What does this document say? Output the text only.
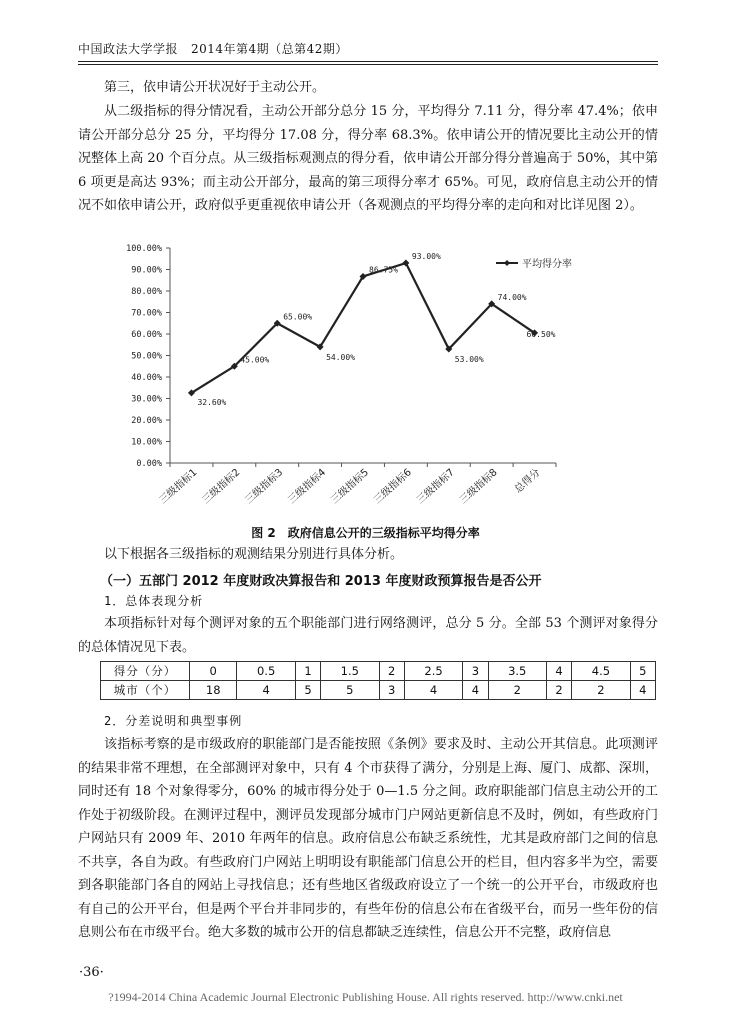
中国政法大学学报 2014年第4期（总第42期）

第三，依申请公开状况好于主动公开。

从二级指标的得分情况看，主动公开部分总分 15 分，平均得分 7.11 分，得分率 47.4%；依申请公开部分总分 25 分，平均得分 17.08 分，得分率 68.3%。依申请公开的情况要比主动公开的情况整体上高 20 个百分点。从三级指标观测点的得分看，依申请公开部分得分普遍高于 50%，其中第 6 项更是高达 93%；而主动公开部分，最高的第三项得分率才 65%。可见，政府信息主动公开的情况不如依申请公开，政府似乎更重视依申请公开（各观测点的平均得分率的走向和对比详见图 2）。

0.00%
10.00%
20.00%
30.00%
40.00%
50.00%
60.00%
70.00%
80.00%
90.00%
100.00%
三级指标1 三级指标2 三级指标3 三级指标4 三级指标5 三级指标6 三级指标7 三级指标8 总得分
32.60%
45.00%
65.00%
54.00%
86.75%
93.00%
53.00%
74.00%
60.50%
平均得分率
图 2　政府信息公开的三级指标平均得分率

以下根据各三级指标的观测结果分别进行具体分析。

（一）五部门 2012 年度财政决算报告和 2013 年度财政预算报告是否公开
1．总体表现分析

本项指标针对每个测评对象的五个职能部门进行网络测评，总分 5 分。全部 53 个测评对象得分的总体情况见下表。

得分（分）	0	0.5	1	1.5	2	2.5	3	3.5	4	4.5	5
城市（个）	18	4	5	5	3	4	4	2	2	2	4
2．分差说明和典型事例

该指标考察的是市级政府的职能部门是否能按照《条例》要求及时、主动公开其信息。此项测评的结果非常不理想，在全部测评对象中，只有 4 个市获得了满分，分别是上海、厦门、成都、深圳，同时还有 18 个对象得零分，60% 的城市得分处于 0—1.5 分之间。政府职能部门信息主动公开的工作处于初级阶段。在测评过程中，测评员发现部分城市门户网站更新信息不及时，例如，有些政府门户网站只有 2009 年、2010 年两年的信息。政府信息公布缺乏系统性，尤其是政府部门之间的信息不共享，各自为政。有些政府门户网站上明明设有职能部门信息公开的栏目，但内容多半为空，需要到各职能部门各自的网站上寻找信息；还有些地区省级政府设立了一个统一的公开平台，市级政府也有自己的公开平台，但是两个平台并非同步的，有些年份的信息公布在省级平台，而另一些年份的信息则公布在市级平台。绝大多数的城市公开的信息都缺乏连续性，信息公开不完整，政府信息

·36·
?1994-2014 China Academic Journal Electronic Publishing House. All rights reserved. http://www.cnki.net
